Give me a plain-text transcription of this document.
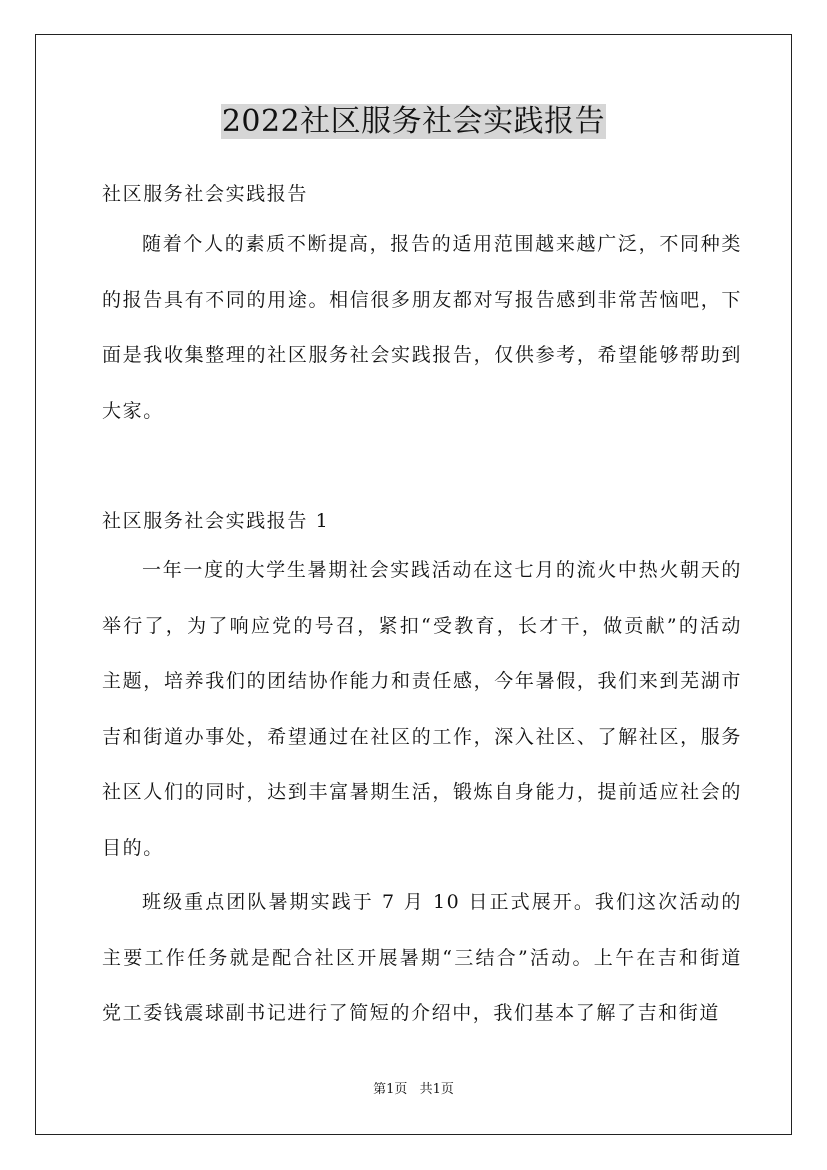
2022社区服务社会实践报告

社区服务社会实践报告

随着个人的素质不断提高，报告的适用范围越来越广泛，不同种类的报告具有不同的用途。相信很多朋友都对写报告感到非常苦恼吧，下面是我收集整理的社区服务社会实践报告，仅供参考，希望能够帮助到大家。

社区服务社会实践报告 1

一年一度的大学生暑期社会实践活动在这七月的流火中热火朝天的举行了，为了响应党的号召，紧扣“受教育，长才干，做贡献”的活动主题，培养我们的团结协作能力和责任感，今年暑假，我们来到芜湖市吉和街道办事处，希望通过在社区的工作，深入社区、了解社区，服务社区人们的同时，达到丰富暑期生活，锻炼自身能力，提前适应社会的目的。

班级重点团队暑期实践于 7 月 10 日正式展开。我们这次活动的主要工作任务就是配合社区开展暑期“三结合”活动。上午在吉和街道党工委钱震球副书记进行了简短的介绍中，我们基本了解了吉和街道

第1页 共1页
